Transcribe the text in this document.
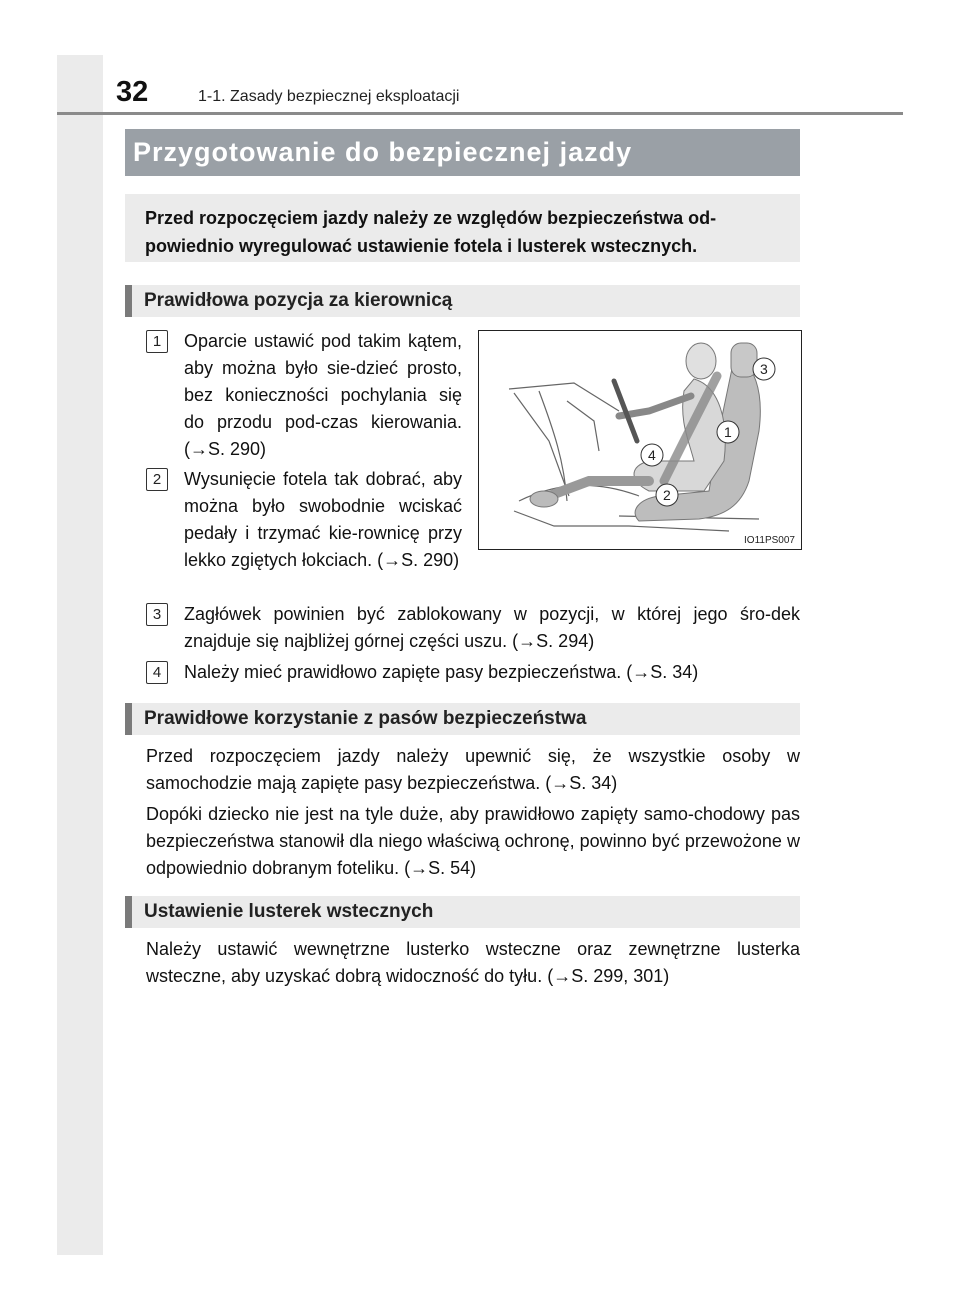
32	1-1. Zasady bezpiecznej eksploatacji
Przygotowanie do bezpiecznej jazdy

Przed rozpoczęciem jazdy należy ze względów bezpieczeństwa od-powiednio wyregulować ustawienie fotela i lusterek wstecznych.

Prawidłowa pozycja za kierownicą
1	Oparcie ustawić pod takim kątem, aby można było sie-dzieć prosto, bez konieczności pochylania się do przodu pod-czas kierowania. (→S. 290)

2	Wysunięcie fotela tak dobrać, aby można było swobodnie wciskać pedały i trzymać kie-rownicę przy lekko zgiętych łokciach. (→S. 290)

3	Zagłówek powinien być zablokowany w pozycji, w której jego śro-dek znajduje się najbliżej górnej części uszu. (→S. 294)

4	Należy mieć prawidłowo zapięte pasy bezpieczeństwa. (→S. 34)

1
2
3
4
IO11PS007
Prawidłowe korzystanie z pasów bezpieczeństwa

Przed rozpoczęciem jazdy należy upewnić się, że wszystkie osoby w samochodzie mają zapięte pasy bezpieczeństwa. (→S. 34)

Dopóki dziecko nie jest na tyle duże, aby prawidłowo zapięty samo-chodowy pas bezpieczeństwa stanowił dla niego właściwą ochronę, powinno być przewożone w odpowiednio dobranym foteliku. (→S. 54)

Ustawienie lusterek wstecznych

Należy ustawić wewnętrzne lusterko wsteczne oraz zewnętrzne lusterka wsteczne, aby uzyskać dobrą widoczność do tyłu. (→S. 299, 301)
